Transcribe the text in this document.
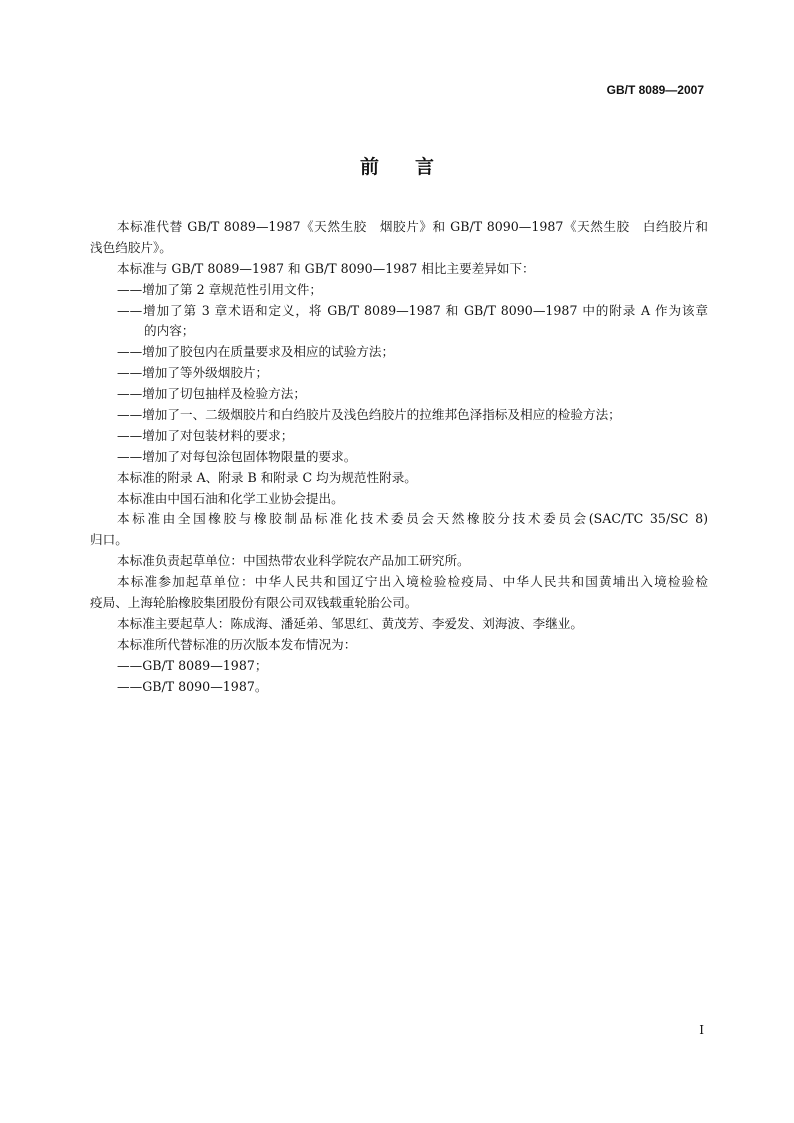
GB/T 8089—2007
前言
本标准代替 GB/T 8089—1987《天然生胶　烟胶片》和 GB/T 8090—1987《天然生胶　白绉胶片和
浅色绉胶片》。
本标准与 GB/T 8089—1987 和 GB/T 8090—1987 相比主要差异如下：
——增加了第 2 章规范性引用文件；
——增加了第 3 章术语和定义，将 GB/T 8089—1987 和 GB/T 8090—1987 中的附录 A 作为该章
的内容；
——增加了胶包内在质量要求及相应的试验方法；
——增加了等外级烟胶片；
——增加了切包抽样及检验方法；
——增加了一、二级烟胶片和白绉胶片及浅色绉胶片的拉维邦色泽指标及相应的检验方法；
——增加了对包装材料的要求；
——增加了对每包涂包固体物限量的要求。
本标准的附录 A、附录 B 和附录 C 均为规范性附录。
本标准由中国石油和化学工业协会提出。
本标准由全国橡胶与橡胶制品标准化技术委员会天然橡胶分技术委员会(SAC/TC 35/SC 8)
归口。
本标准负责起草单位：中国热带农业科学院农产品加工研究所。
本标准参加起草单位：中华人民共和国辽宁出入境检验检疫局、中华人民共和国黄埔出入境检验检
疫局、上海轮胎橡胶集团股份有限公司双钱载重轮胎公司。
本标准主要起草人：陈成海、潘延弟、邹思红、黄茂芳、李爱发、刘海波、李继业。
本标准所代替标准的历次版本发布情况为：
——GB/T 8089—1987；
——GB/T 8090—1987。
I
